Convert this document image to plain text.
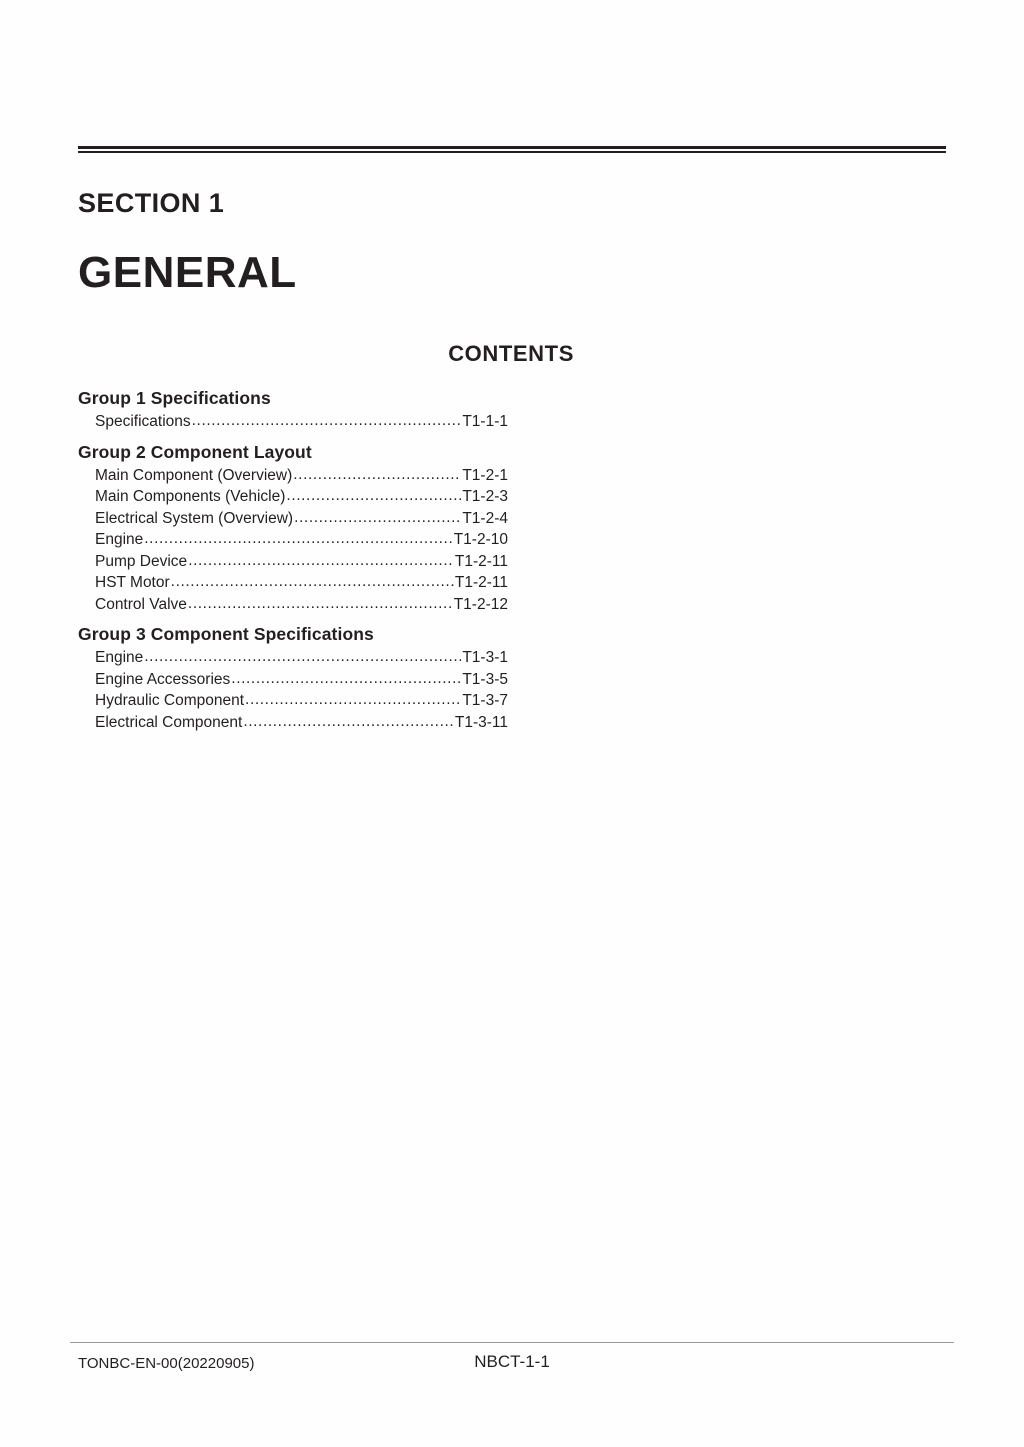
SECTION 1
GENERAL
CONTENTS
Group 1 Specifications
Specifications .....	T1-1-1
Group 2 Component Layout
Main Component (Overview) .....	T1-2-1
Main Components (Vehicle) .....	T1-2-3
Electrical System (Overview) .....	T1-2-4
Engine .....	T1-2-10
Pump Device .....	T1-2-11
HST Motor .....	T1-2-11
Control Valve .....	T1-2-12
Group 3 Component Specifications
Engine .....	T1-3-1
Engine Accessories .....	T1-3-5
Hydraulic Component .....	T1-3-7
Electrical Component .....	T1-3-11
TONBC-EN-00(20220905)	NBCT-1-1
